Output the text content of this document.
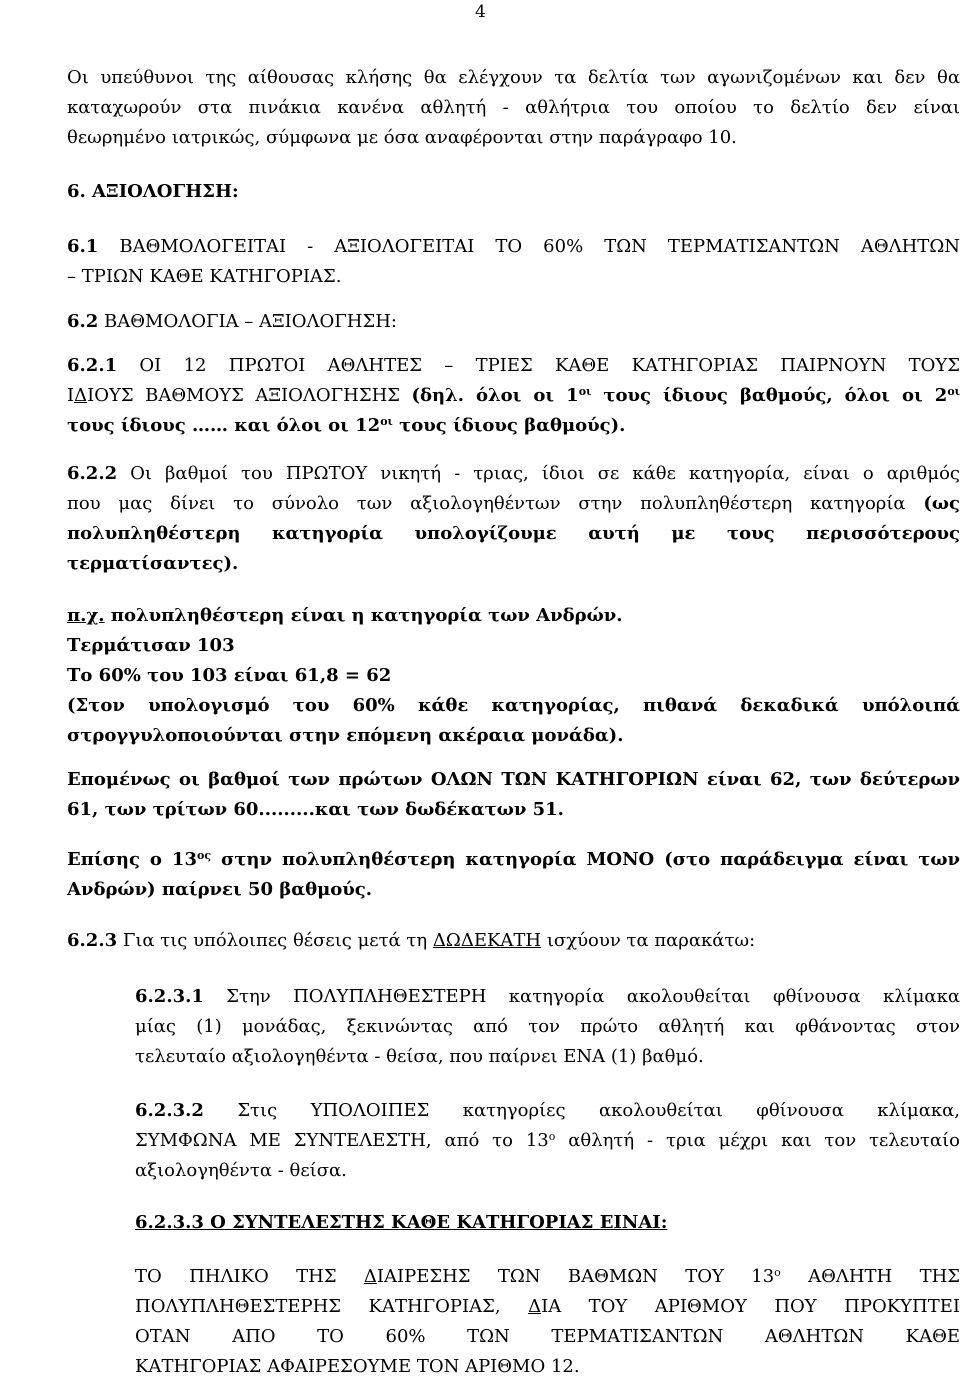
4

Οι υπεύθυνοι της αίθουσας κλήσης θα ελέγχουν τα δελτία των αγωνιζομένων και δεν θα

καταχωρούν στα πινάκια κανένα αθλητή - αθλήτρια του οποίου το δελτίο δεν είναι

θεωρημένο ιατρικώς, σύμφωνα με όσα αναφέρονται στην παράγραφο 10.

6. ΑΞΙΟΛΟΓΗΣΗ:

6.1 ΒΑΘΜΟΛΟΓΕΙΤΑΙ - ΑΞΙΟΛΟΓΕΙΤΑΙ ΤΟ 60% ΤΩΝ ΤΕΡΜΑΤΙΣΑΝΤΩΝ ΑΘΛΗΤΩΝ

– ΤΡΙΩΝ ΚΑΘΕ ΚΑΤΗΓΟΡΙΑΣ.

6.2 ΒΑΘΜΟΛΟΓΙΑ – ΑΞΙΟΛΟΓΗΣΗ:

6.2.1 ΟΙ 12 ΠΡΩΤΟΙ ΑΘΛΗΤΕΣ – ΤΡΙΕΣ ΚΑΘΕ ΚΑΤΗΓΟΡΙΑΣ ΠΑΙΡΝΟΥΝ ΤΟΥΣ

ΙΔΙΟΥΣ ΒΑΘΜΟΥΣ ΑΞΙΟΛΟΓΗΣΗΣ (δηλ. όλοι οι $1^{o\iota}$ τους ίδιους βαθμούς, όλοι οι $2^{o\iota}$

τους ίδιους …… και όλοι οι $12^{o\iota}$ τους ίδιους βαθμούς).

6.2.2 Οι βαθμοί του ΠΡΩΤΟΥ νικητή - τριας, ίδιοι σε κάθε κατηγορία, είναι ο αριθμός

που μας δίνει το σύνολο των αξιολογηθέντων στην πολυπληθέστερη κατηγορία (ως

πολυπληθέστερη κατηγορία υπολογίζουμε αυτή με τους περισσότερους

τερματίσαντες).

π.χ. πολυπληθέστερη είναι η κατηγορία των Ανδρών.

Τερμάτισαν 103

Το 60% του 103 είναι 61,8 = 62

(Στον υπολογισμό του 60% κάθε κατηγορίας, πιθανά δεκαδικά υπόλοιπά

στρογγυλοποιούνται στην επόμενη ακέραια μονάδα).

Επομένως οι βαθμοί των πρώτων ΟΛΩΝ ΤΩΝ ΚΑΤΗΓΟΡΙΩΝ είναι 62, των δεύτερων

61, των τρίτων 60.........και των δωδέκατων 51.

Επίσης ο $13^{o\varsigma}$ στην πολυπληθέστερη κατηγορία ΜΟΝΟ (στο παράδειγμα είναι των

Ανδρών) παίρνει 50 βαθμούς.

6.2.3 Για τις υπόλοιπες θέσεις μετά τη ΔΩΔΕΚΑΤΗ ισχύουν τα παρακάτω:

6.2.3.1 Στην ΠΟΛΥΠΛΗΘΕΣΤΕΡΗ κατηγορία ακολουθείται φθίνουσα κλίμακα

μίας (1) μονάδας, ξεκινώντας από τον πρώτο αθλητή και φθάνοντας στον

τελευταίο αξιολογηθέντα - θείσα, που παίρνει ΕΝΑ (1) βαθμό.

6.2.3.2 Στις ΥΠΟΛΟΙΠΕΣ κατηγορίες ακολουθείται φθίνουσα κλίμακα,

ΣΥΜΦΩΝΑ ΜΕ ΣΥΝΤΕΛΕΣΤΗ, από το $13^o$ αθλητή - τρια μέχρι και τον τελευταίο

αξιολογηθέντα - θείσα.

6.2.3.3 Ο ΣΥΝΤΕΛΕΣΤΗΣ ΚΑΘΕ ΚΑΤΗΓΟΡΙΑΣ ΕΙΝΑΙ:

ΤΟ ΠΗΛΙΚΟ ΤΗΣ ΔΙΑΙΡΕΣΗΣ ΤΩΝ ΒΑΘΜΩΝ ΤΟΥ $13^o$ ΑΘΛΗΤΗ ΤΗΣ

ΠΟΛΥΠΛΗΘΕΣΤΕΡΗΣ ΚΑΤΗΓΟΡΙΑΣ, ΔΙΑ ΤΟΥ ΑΡΙΘΜΟΥ ΠΟΥ ΠΡΟΚΥΠΤΕΙ

ΟΤΑΝ ΑΠΟ ΤΟ 60% ΤΩΝ ΤΕΡΜΑΤΙΣΑΝΤΩΝ ΑΘΛΗΤΩΝ ΚΑΘΕ

ΚΑΤΗΓΟΡΙΑΣ ΑΦΑΙΡΕΣΟΥΜΕ ΤΟΝ ΑΡΙΘΜΟ 12.
